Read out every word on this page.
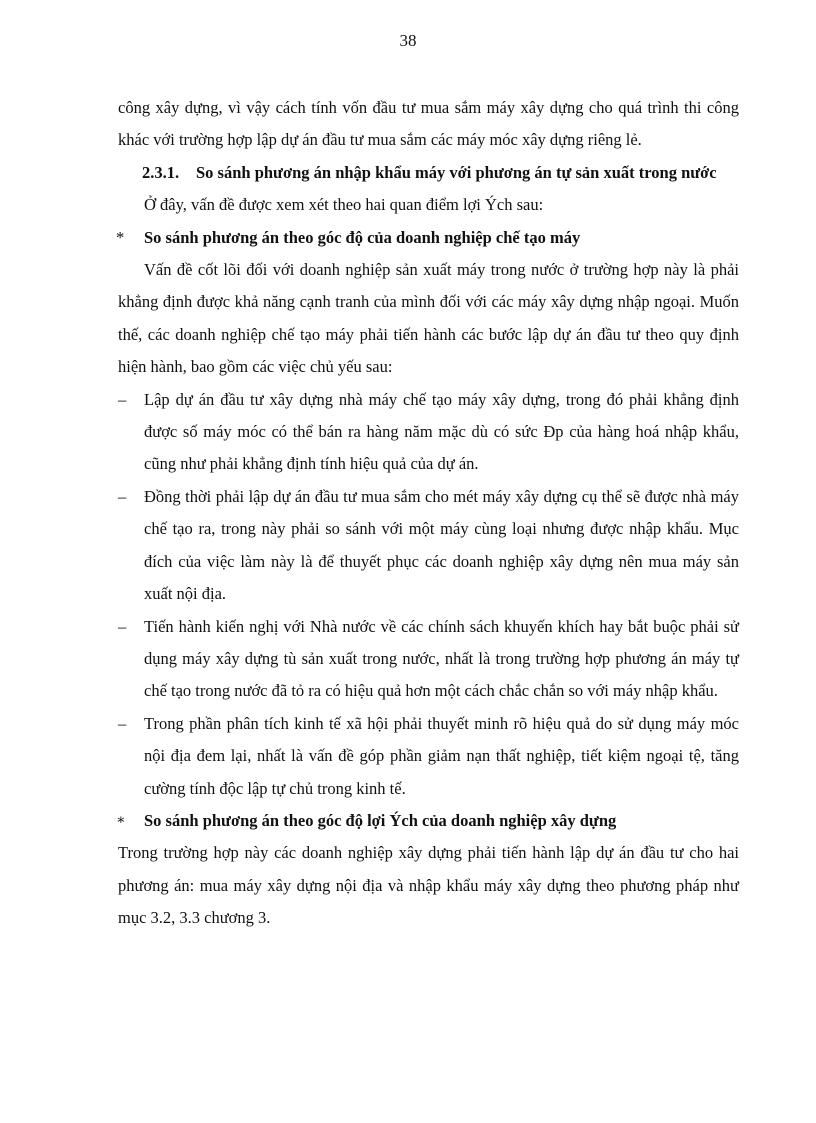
38

công xây dựng, vì vậy cách tính vốn đầu tư mua sắm máy xây dựng cho quá trình thi công khác với trường hợp lập dự án đầu tư mua sắm các máy móc xây dựng riêng lẻ.

2.3.1.	So sánh phương án nhập khẩu máy với phương án tự sản xuất trong nước

Ở đây, vấn đề được xem xét theo hai quan điểm lợi Ých sau:

*	So sánh phương án theo góc độ của doanh nghiệp chế tạo máy

Vấn đề cốt lõi đối với doanh nghiệp sản xuất máy trong nước ở trường hợp này là phải khẳng định được khả năng cạnh tranh của mình đối với các máy xây dựng nhập ngoại. Muốn thế, các doanh nghiệp chế tạo máy phải tiến hành các bước lập dự án đầu tư theo quy định hiện hành, bao gồm các việc chủ yếu sau:

–	Lập dự án đầu tư xây dựng nhà máy chế tạo máy xây dựng, trong đó phải khẳng định được số máy móc có thể bán ra hàng năm mặc dù có sức Ðp của hàng hoá nhập khẩu, cũng như phải khẳng định tính hiệu quả của dự án.
–	Đồng thời phải lập dự án đầu tư mua sắm cho mét máy xây dựng cụ thể sẽ được nhà máy chế tạo ra, trong này phải so sánh với một máy cùng loại nhưng được nhập khẩu. Mục đích của việc làm này là để thuyết phục các doanh nghiệp xây dựng nên mua máy sản xuất nội địa.
–	Tiến hành kiến nghị với Nhà nước về các chính sách khuyến khích hay bắt buộc phải sử dụng máy xây dựng tù sản xuất trong nước, nhất là trong trường hợp phương án máy tự chế tạo trong nước đã tỏ ra có hiệu quả hơn một cách chắc chắn so với máy nhập khẩu.
–	Trong phần phân tích kinh tế xã hội phải thuyết minh rõ hiệu quả do sử dụng máy móc nội địa đem lại, nhất là vấn đề góp phần giảm nạn thất nghiệp, tiết kiệm ngoại tệ, tăng cường tính độc lập tự chủ trong kinh tế.
∗	So sánh phương án theo góc độ lợi Ých của doanh nghiệp xây dựng

Trong trường hợp này các doanh nghiệp xây dựng phải tiến hành lập dự án đầu tư cho hai phương án: mua máy xây dựng nội địa và nhập khẩu máy xây dựng theo phương pháp như mục 3.2, 3.3 chương 3.
